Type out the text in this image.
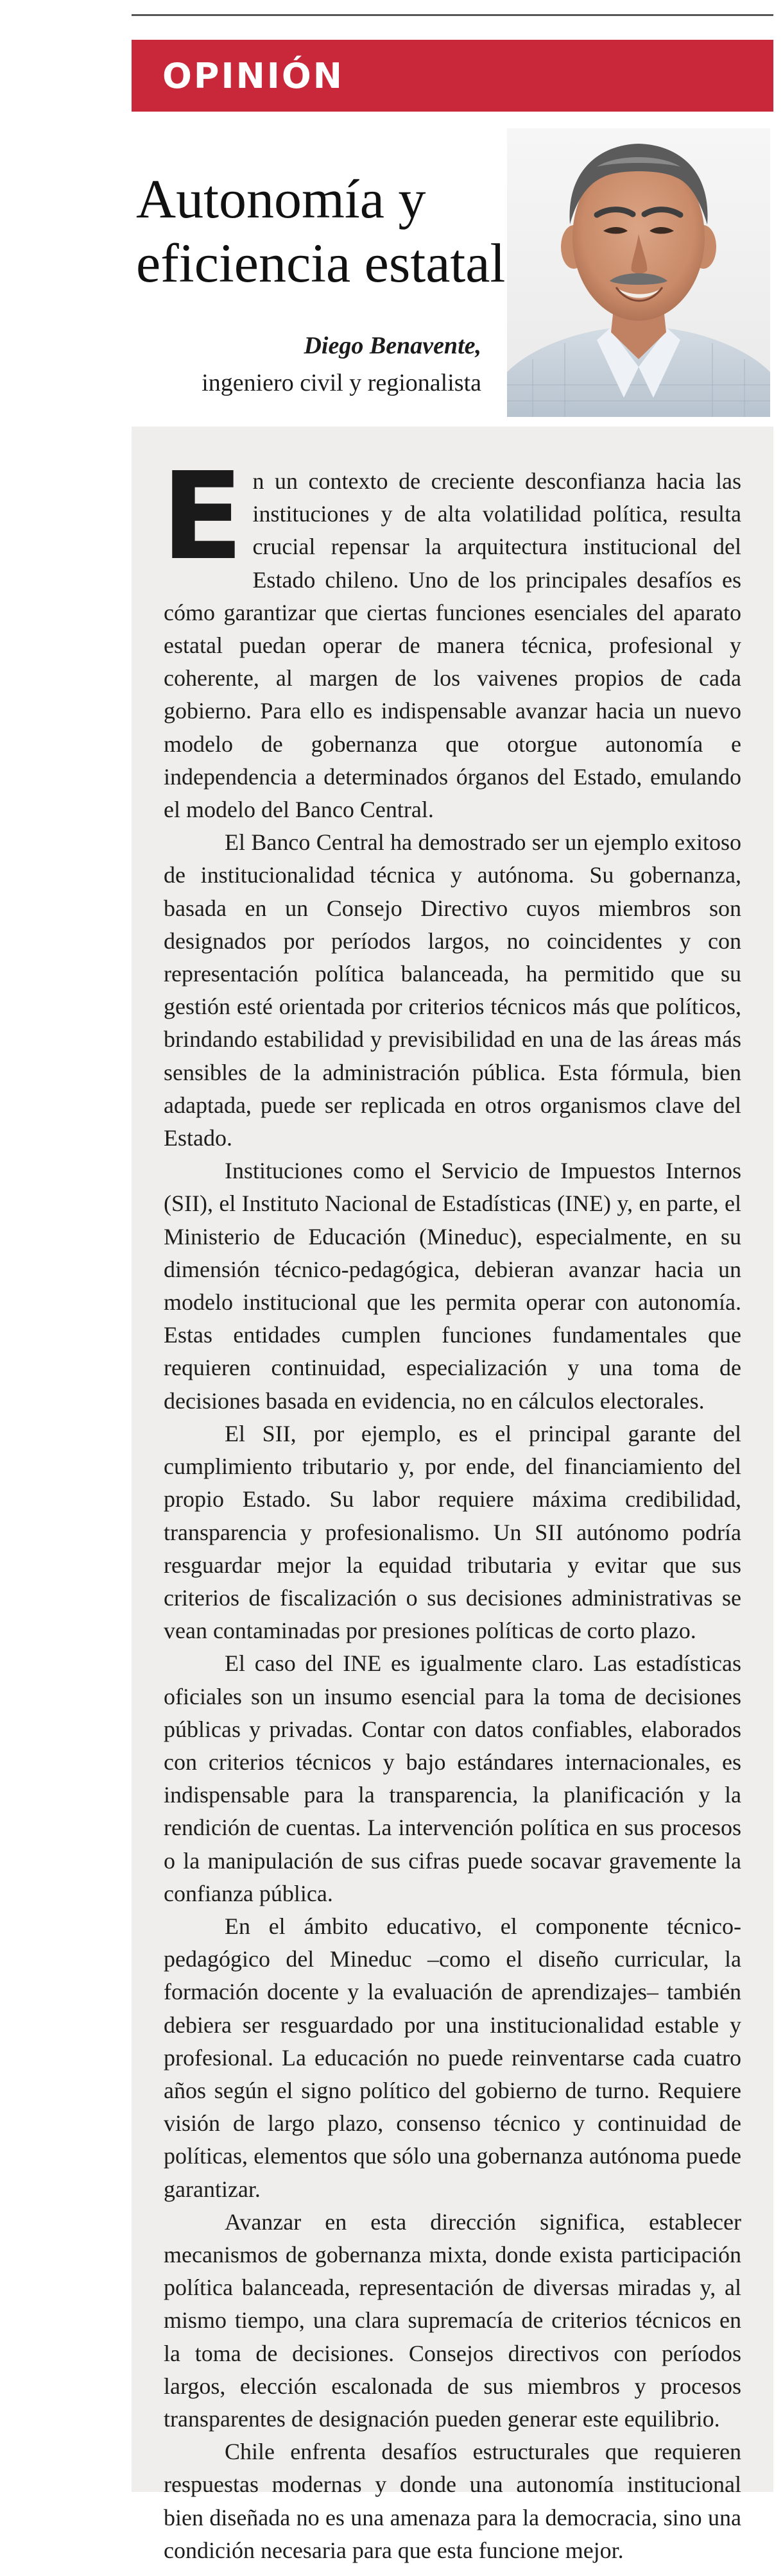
OPINIÓN
Autonomía y eficiencia estatal
Diego Benavente,
ingeniero civil y regionalista

En un contexto de creciente desconfianza hacia las instituciones y de alta volatilidad política, resulta crucial repensar la arquitectura institucional del Estado chileno. Uno de los principales desafíos es cómo garantizar que ciertas funciones esenciales del aparato estatal puedan operar de manera técnica, profesional y coherente, al margen de los vaivenes propios de cada gobierno. Para ello es indispensable avanzar hacia un nuevo modelo de gobernanza que otorgue autonomía e independencia a determinados órganos del Estado, emulando el modelo del Banco Central.

El Banco Central ha demostrado ser un ejemplo exitoso de institucionalidad técnica y autónoma. Su gobernanza, basada en un Consejo Directivo cuyos miembros son designados por períodos largos, no coincidentes y con representación política balanceada, ha permitido que su gestión esté orientada por criterios técnicos más que políticos, brindando estabilidad y previsibilidad en una de las áreas más sensibles de la administración pública. Esta fórmula, bien adaptada, puede ser replicada en otros organismos clave del Estado.

Instituciones como el Servicio de Impuestos Internos (SII), el Instituto Nacional de Estadísticas (INE) y, en parte, el Ministerio de Educación (Mineduc), especialmente, en su dimensión técnico-pedagógica, debieran avanzar hacia un modelo institucional que les permita operar con autonomía. Estas entidades cumplen funciones fundamentales que requieren continuidad, especialización y una toma de decisiones basada en evidencia, no en cálculos electorales.

El SII, por ejemplo, es el principal garante del cumplimiento tributario y, por ende, del financiamiento del propio Estado. Su labor requiere máxima credibilidad, transparencia y profesionalismo. Un SII autónomo podría resguardar mejor la equidad tributaria y evitar que sus criterios de fiscalización o sus decisiones administrativas se vean contaminadas por presiones políticas de corto plazo.

El caso del INE es igualmente claro. Las estadísticas oficiales son un insumo esencial para la toma de decisiones públicas y privadas. Contar con datos confiables, elaborados con criterios técnicos y bajo estándares internacionales, es indispensable para la transparencia, la planificación y la rendición de cuentas. La intervención política en sus procesos o la manipulación de sus cifras puede socavar gravemente la confianza pública.

En el ámbito educativo, el componente técnico-pedagógico del Mineduc –como el diseño curricular, la formación docente y la evaluación de aprendizajes– también debiera ser resguardado por una institucionalidad estable y profesional. La educación no puede reinventarse cada cuatro años según el signo político del gobierno de turno. Requiere visión de largo plazo, consenso técnico y continuidad de políticas, elementos que sólo una gobernanza autónoma puede garantizar.

Avanzar en esta dirección significa, establecer mecanismos de gobernanza mixta, donde exista participación política balanceada, representación de diversas miradas y, al mismo tiempo, una clara supremacía de criterios técnicos en la toma de decisiones. Consejos directivos con períodos largos, elección escalonada de sus miembros y procesos transparentes de designación pueden generar este equilibrio.

Chile enfrenta desafíos estructurales que requieren respuestas modernas y donde una autonomía institucional bien diseñada no es una amenaza para la democracia, sino una condición necesaria para que esta funcione mejor.
